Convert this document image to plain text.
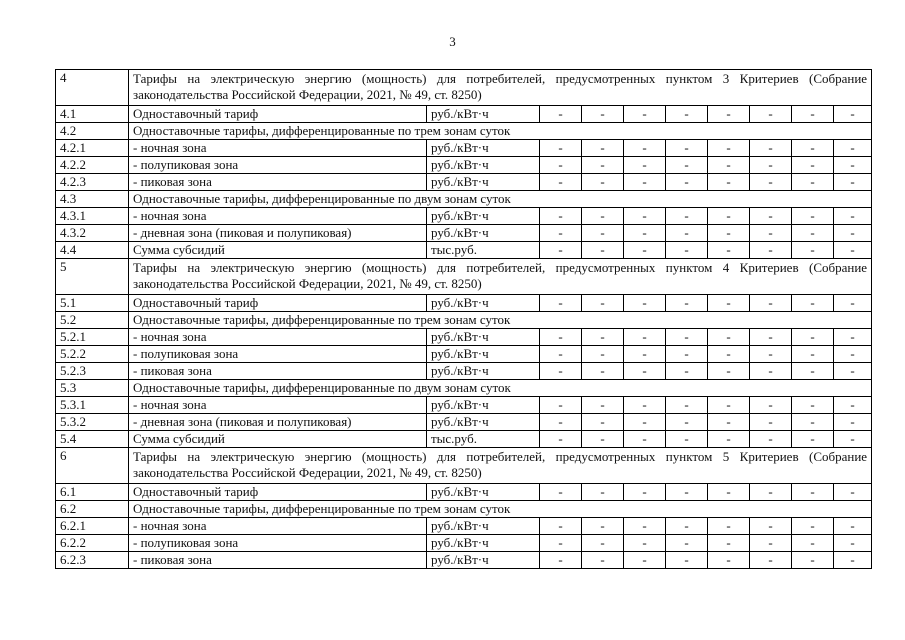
3
4	Тарифы на электрическую энергию (мощность) для потребителей, предусмотренных пунктом 3 Критериев (Собрание законодательства Российской Федерации, 2021, № 49, ст. 8250)									
4.1	Одноставочный тариф	руб./кВт·ч	-	-	-	-	-	-	-	-
4.2	Одноставочные тарифы, дифференцированные по трем зонам суток									
4.2.1	- ночная зона	руб./кВт·ч	-	-	-	-	-	-	-	-
4.2.2	- полупиковая зона	руб./кВт·ч	-	-	-	-	-	-	-	-
4.2.3	- пиковая зона	руб./кВт·ч	-	-	-	-	-	-	-	-
4.3	Одноставочные тарифы, дифференцированные по двум зонам суток									
4.3.1	- ночная зона	руб./кВт·ч	-	-	-	-	-	-	-	-
4.3.2	- дневная зона (пиковая и полупиковая)	руб./кВт·ч	-	-	-	-	-	-	-	-
4.4	Сумма субсидий	тыс.руб.	-	-	-	-	-	-	-	-
5	Тарифы на электрическую энергию (мощность) для потребителей, предусмотренных пунктом 4 Критериев (Собрание законодательства Российской Федерации, 2021, № 49, ст. 8250)									
5.1	Одноставочный тариф	руб./кВт·ч	-	-	-	-	-	-	-	-
5.2	Одноставочные тарифы, дифференцированные по трем зонам суток									
5.2.1	- ночная зона	руб./кВт·ч	-	-	-	-	-	-	-	-
5.2.2	- полупиковая зона	руб./кВт·ч	-	-	-	-	-	-	-	-
5.2.3	- пиковая зона	руб./кВт·ч	-	-	-	-	-	-	-	-
5.3	Одноставочные тарифы, дифференцированные по двум зонам суток									
5.3.1	- ночная зона	руб./кВт·ч	-	-	-	-	-	-	-	-
5.3.2	- дневная зона (пиковая и полупиковая)	руб./кВт·ч	-	-	-	-	-	-	-	-
5.4	Сумма субсидий	тыс.руб.	-	-	-	-	-	-	-	-
6	Тарифы на электрическую энергию (мощность) для потребителей, предусмотренных пунктом 5 Критериев (Собрание законодательства Российской Федерации, 2021, № 49, ст. 8250)									
6.1	Одноставочный тариф	руб./кВт·ч	-	-	-	-	-	-	-	-
6.2	Одноставочные тарифы, дифференцированные по трем зонам суток									
6.2.1	- ночная зона	руб./кВт·ч	-	-	-	-	-	-	-	-
6.2.2	- полупиковая зона	руб./кВт·ч	-	-	-	-	-	-	-	-
6.2.3	- пиковая зона	руб./кВт·ч	-	-	-	-	-	-	-	-
